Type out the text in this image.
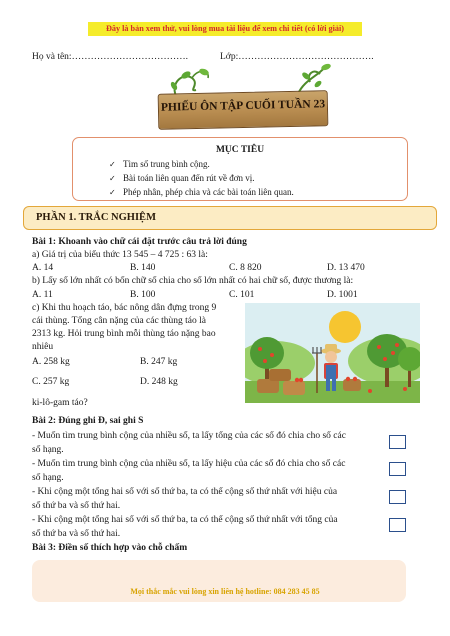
Đây là bản xem thử, vui lòng mua tài liệu để xem chi tiết (có lời giải)
Họ và tên:……………………………….	Lớp:…………………………………….
PHIẾU ÔN TẬP CUỐI TUẦN 23
MỤC TIÊU
✓ Tìm số trung bình cộng.
✓ Bài toán liên quan đến rút về đơn vị.
✓ Phép nhân, phép chia và các bài toán liên quan.
PHẦN 1. TRẮC NGHIỆM
Bài 1: Khoanh vào chữ cái đặt trước câu trả lời đúng
a) Giá trị của biểu thức 13 545 – 4 725 : 63 là:
A. 14	B. 140	C. 8 820	D. 13 470
b) Lấy số lớn nhất có bốn chữ số chia cho số lớn nhất có hai chữ số, được thương là:
A. 11	B. 100	C. 101	D. 1001
c) Khi thu hoạch táo, bác nông dân đựng trong 9
cái thùng. Tổng cân nặng của các thùng táo là
2313 kg. Hỏi trung bình mỗi thùng táo nặng bao
nhiêu
A. 258 kg	B. 247 kg
C. 257 kg	D. 248 kg
ki-lô-gam táo?
Bài 2: Đúng ghi Đ, sai ghi S
- Muốn tìm trung bình cộng của nhiều số, ta lấy tổng của các số đó chia cho số các
số hạng.
- Muốn tìm trung bình cộng của nhiều số, ta lấy hiệu của các số đó chia cho số các
số hạng.
- Khi cộng một tổng hai số với số thứ ba, ta có thể cộng số thứ nhất với hiệu của
số thứ ba và số thứ hai.
- Khi cộng một tổng hai số với số thứ ba, ta có thể cộng số thứ nhất với tổng của
số thứ ba và số thứ hai.
Bài 3: Điền số thích hợp vào chỗ chấm
Mọi thắc mắc vui lòng xin liên hệ hotline: 084 283 45 85
